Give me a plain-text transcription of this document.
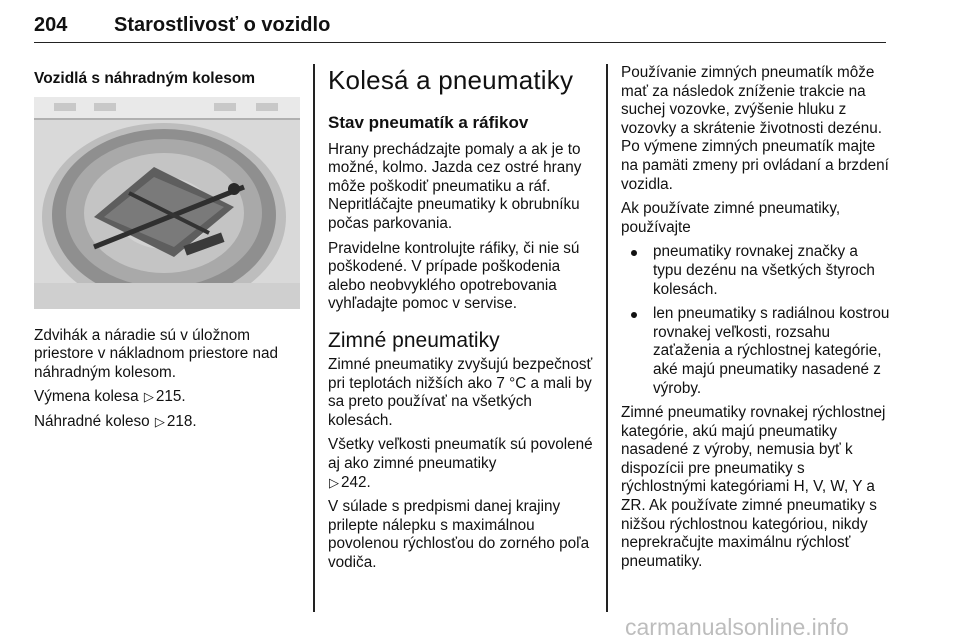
204 Starostlivosť o vozidlo
Vozidlá s náhradným kolesom

Zdvihák a náradie sú v úložnom priestore v nákladnom priestore nad náhradným kolesom.

Výmena kolesa ▷ 215.

Náhradné koleso ▷ 218.

Kolesá a pneumatiky
Stav pneumatík a ráfikov

Hrany prechádzajte pomaly a ak je to možné, kolmo. Jazda cez ostré hrany môže poškodiť pneumatiku a ráf. Nepritláčajte pneumatiky k obrubníku počas parkovania.

Pravidelne kontrolujte ráfiky, či nie sú poškodené. V prípade poškodenia alebo neobvyklého opotrebovania vyhľadajte pomoc v servise.

Zimné pneumatiky

Zimné pneumatiky zvyšujú bezpečnosť pri teplotách nižších ako 7 °C a mali by sa preto používať na všetkých kolesách.

Všetky veľkosti pneumatík sú povolené aj ako zimné pneumatiky
▷ 242.

V súlade s predpismi danej krajiny prilepte nálepku s maximálnou povolenou rýchlosťou do zorného poľa vodiča.

Používanie zimných pneumatík môže mať za následok zníženie trakcie na suchej vozovke, zvýšenie hluku z vozovky a skrátenie životnosti dezénu. Po výmene zimných pneumatík majte na pamäti zmeny pri ovládaní a brzdení vozidla.

Ak používate zimné pneumatiky, používajte

pneumatiky rovnakej značky a typu dezénu na všetkých štyroch kolesách.
len pneumatiky s radiálnou kostrou rovnakej veľkosti, rozsahu zaťaženia a rýchlostnej kategórie, aké majú pneumatiky nasadené z výroby.

Zimné pneumatiky rovnakej rýchlostnej kategórie, akú majú pneumatiky nasadené z výroby, nemusia byť k dispozícii pre pneumatiky s rýchlostnými kategóriami H, V, W, Y a ZR. Ak používate zimné pneumatiky s nižšou rýchlostnou kategóriou, nikdy neprekračujte maximálnu rýchlosť pneumatiky.

carmanualsonline.info
